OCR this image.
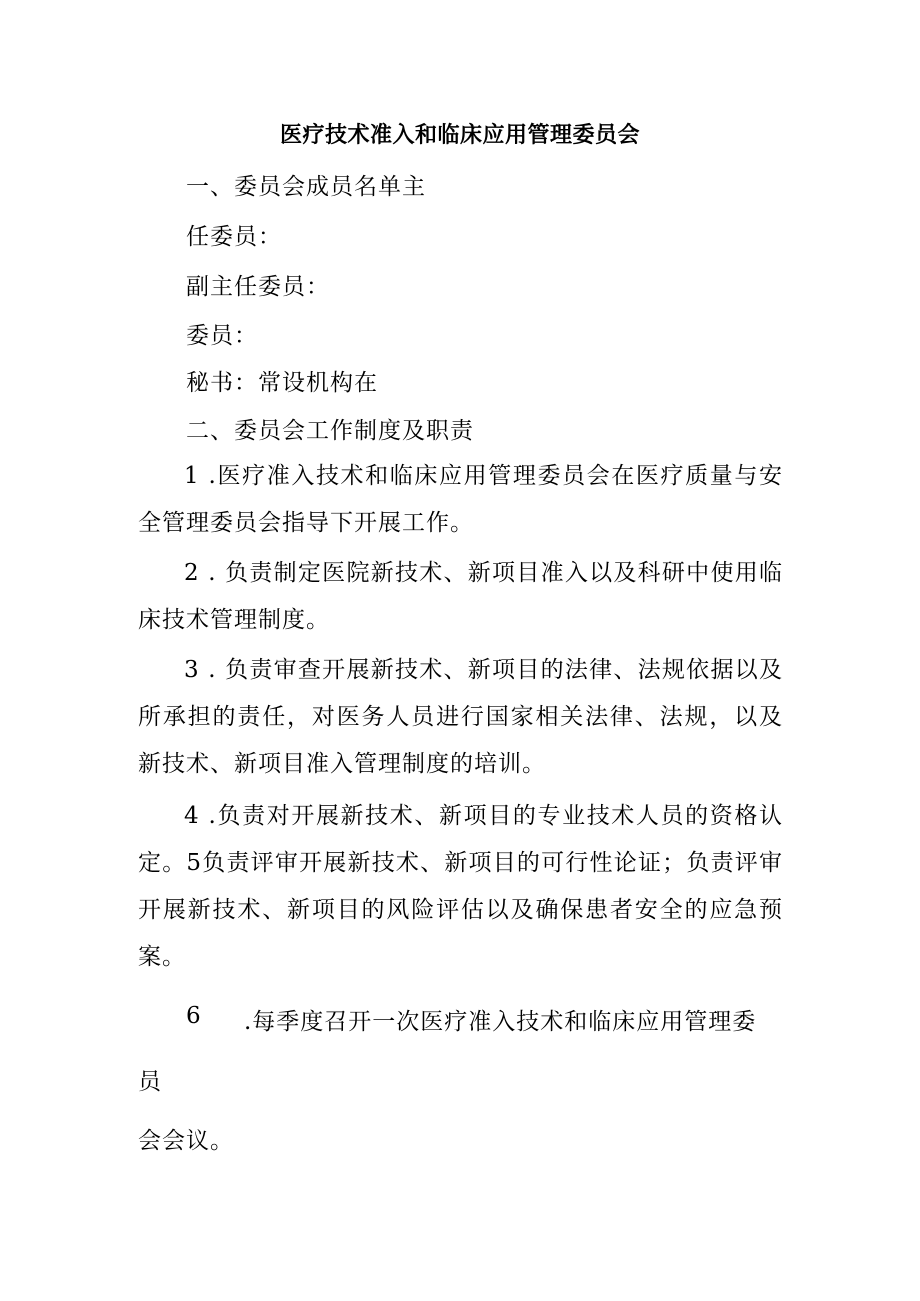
医疗技术准入和临床应用管理委员会
一、委员会成员名单主
任委员：
副主任委员：
委员：
秘书：常设机构在
二、委员会工作制度及职责
1 .医疗准入技术和临床应用管理委员会在医疗质量与安全管理委员会指导下开展工作。
2 . 负责制定医院新技术、新项目准入以及科研中使用临床技术管理制度。
3 . 负责审查开展新技术、新项目的法律、法规依据以及所承担的责任，对医务人员进行国家相关法律、法规，以及新技术、新项目准入管理制度的培训。
4 .负责对开展新技术、新项目的专业技术人员的资格认定。5负责评审开展新技术、新项目的可行性论证；负责评审开展新技术、新项目的风险评估以及确保患者安全的应急预案。
6 .每季度召开一次医疗准入技术和临床应用管理委
员
会会议。
